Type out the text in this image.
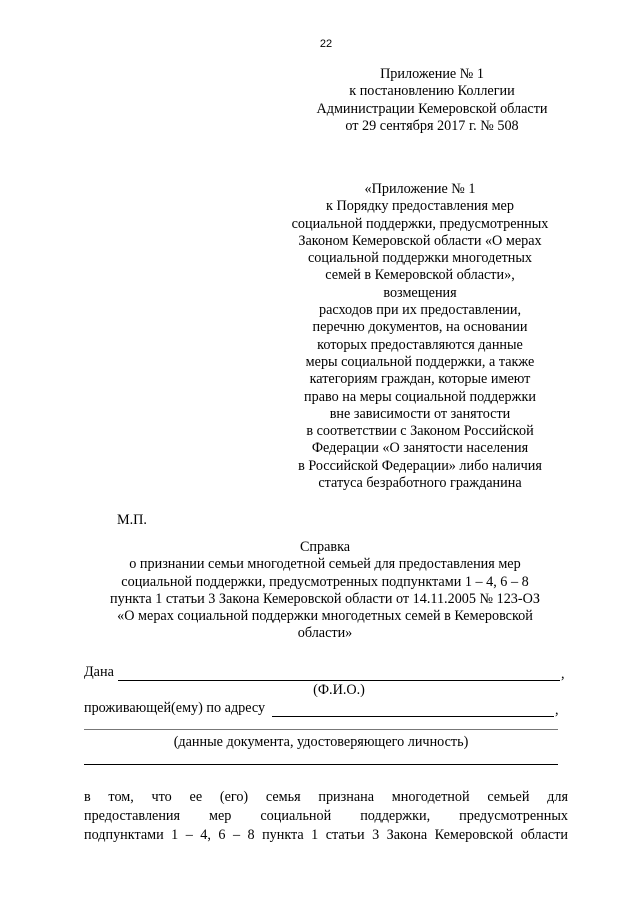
22
Приложение № 1
к постановлению Коллегии
Администрации Кемеровской области
от 29 сентября 2017 г. № 508
«Приложение № 1
к Порядку предоставления мер
социальной поддержки, предусмотренных
Законом Кемеровской области «О мерах
социальной поддержки многодетных
семей в Кемеровской области»,
возмещения
расходов при их предоставлении,
перечню документов, на основании
которых предоставляются данные
меры социальной поддержки, а также
категориям граждан, которые имеют
право на меры социальной поддержки
вне зависимости от занятости
в соответствии с Законом Российской
Федерации «О занятости населения
в Российской Федерации» либо наличия
статуса безработного гражданина
М.П.
Справка
о признании семьи многодетной семьей для предоставления мер
социальной поддержки, предусмотренных подпунктами 1 – 4, 6 – 8
пункта 1 статьи 3 Закона Кемеровской области от 14.11.2005 № 123-ОЗ
«О мерах социальной поддержки многодетных семей в Кемеровской
области»
Дана	,
(Ф.И.О.)
проживающей(ему) по адресу	,
(данные документа, удостоверяющего личность)
в том, что ее (его) семья признана многодетной семьей для
предоставления мер социальной поддержки, предусмотренных
подпунктами 1 – 4, 6 – 8 пункта 1 статьи 3 Закона Кемеровской области
